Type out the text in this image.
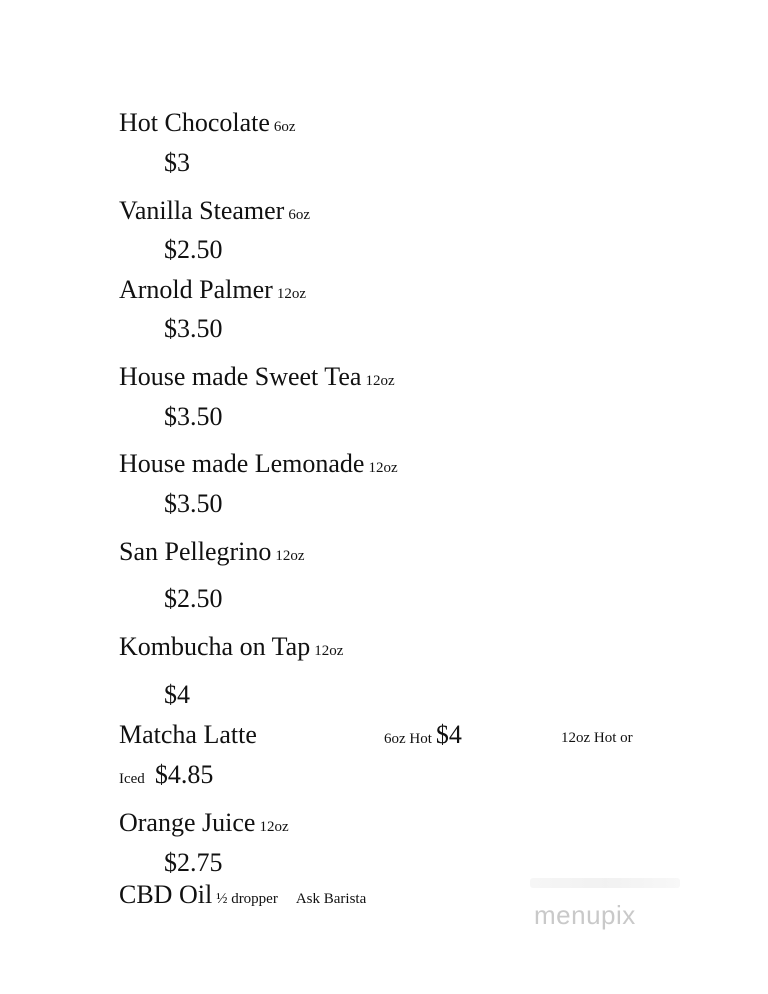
Hot Chocolate 6oz
$3
Vanilla Steamer 6oz
$2.50
Arnold Palmer 12oz
$3.50
House made Sweet Tea 12oz
$3.50
House made Lemonade 12oz
$3.50
San Pellegrino 12oz
$2.50
Kombucha on Tap 12oz
$4
Matcha Latte	6oz Hot $4	12oz Hot or
Iced $4.85
Orange Juice 12oz
$2.75
CBD Oil ½ dropper Ask Barista
menupix
